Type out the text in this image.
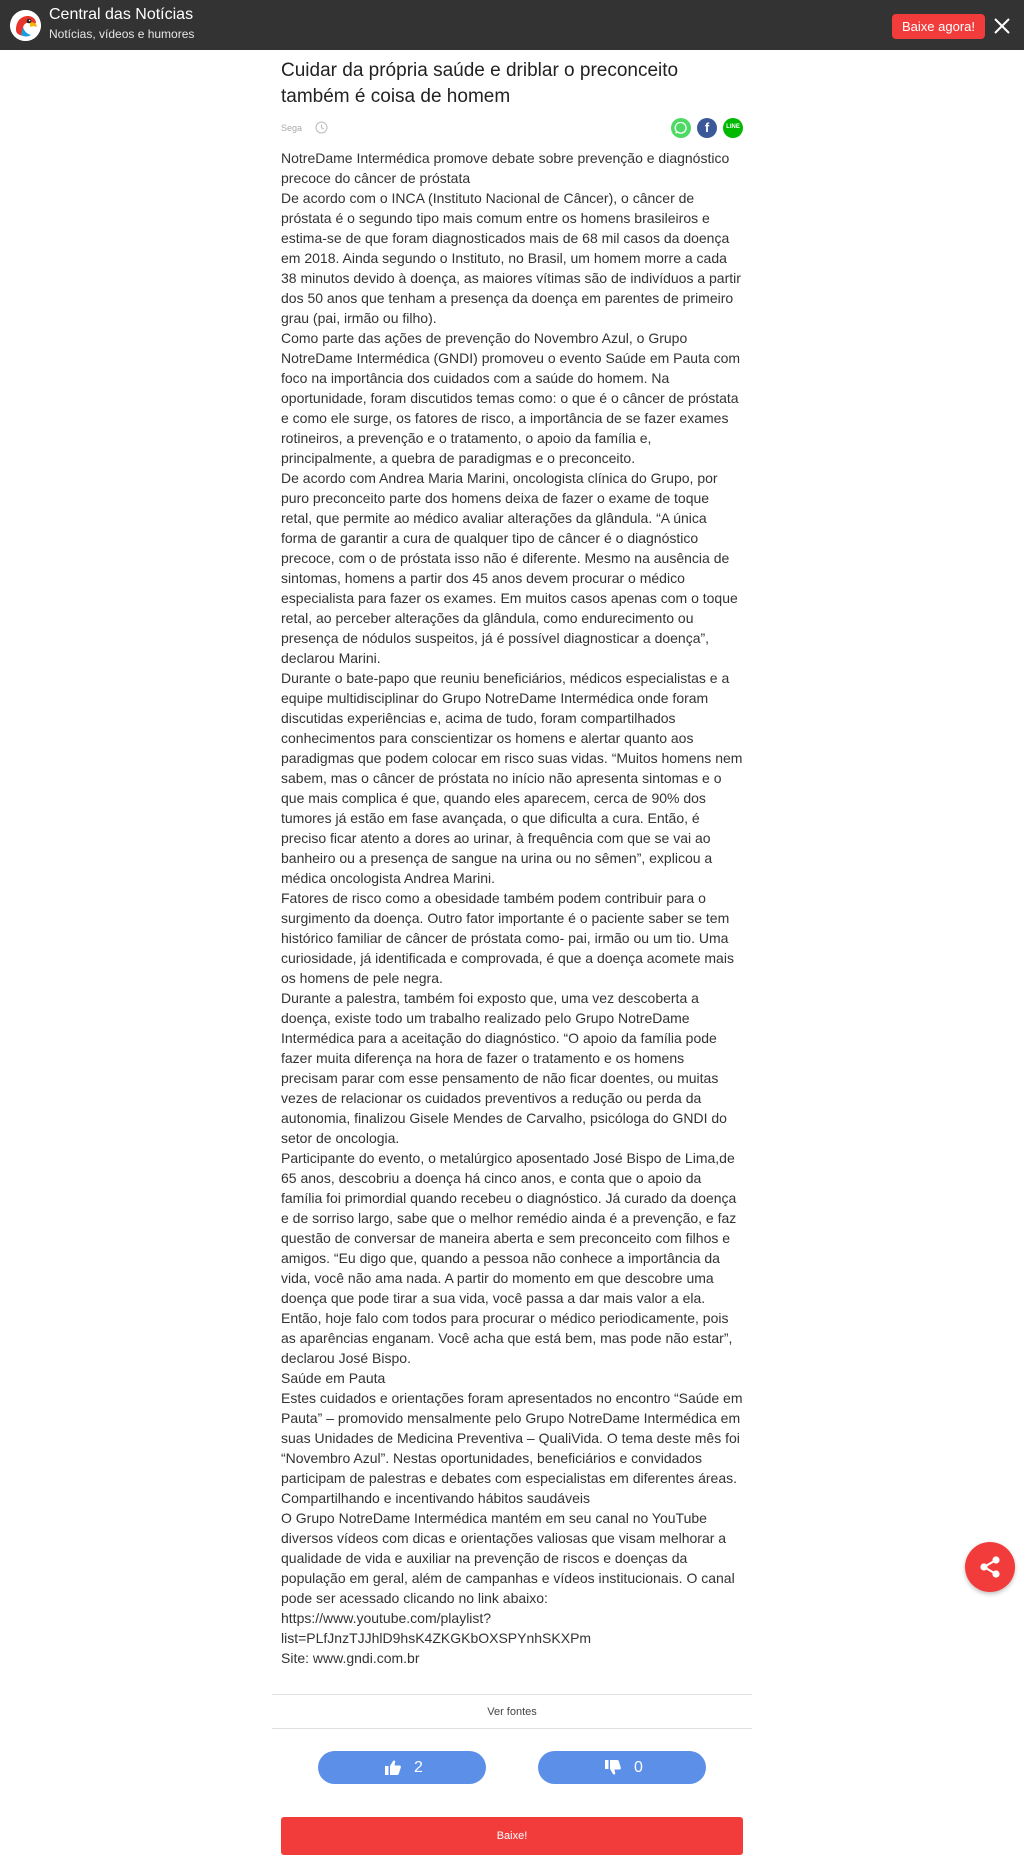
Central das Notícias
Notícias, vídeos e humores	Baixe agora!
Cuidar da própria saúde e driblar o preconceito também é coisa de homem
Sega	f	LINE

NotreDame Intermédica promove debate sobre prevenção e diagnóstico precoce do câncer de próstata

De acordo com o INCA (Instituto Nacional de Câncer), o câncer de próstata é o segundo tipo mais comum entre os homens brasileiros e estima-se de que foram diagnosticados mais de 68 mil casos da doença em 2018. Ainda segundo o Instituto, no Brasil, um homem morre a cada 38 minutos devido à doença, as maiores vítimas são de indivíduos a partir dos 50 anos que tenham a presença da doença em parentes de primeiro grau (pai, irmão ou filho).

Como parte das ações de prevenção do Novembro Azul, o Grupo NotreDame Intermédica (GNDI) promoveu o evento Saúde em Pauta com foco na importância dos cuidados com a saúde do homem. Na oportunidade, foram discutidos temas como: o que é o câncer de próstata e como ele surge, os fatores de risco, a importância de se fazer exames rotineiros, a prevenção e o tratamento, o apoio da família e, principalmente, a quebra de paradigmas e o preconceito.

De acordo com Andrea Maria Marini, oncologista clínica do Grupo, por puro preconceito parte dos homens deixa de fazer o exame de toque retal, que permite ao médico avaliar alterações da glândula. “A única forma de garantir a cura de qualquer tipo de câncer é o diagnóstico precoce, com o de próstata isso não é diferente. Mesmo na ausência de sintomas, homens a partir dos 45 anos devem procurar o médico especialista para fazer os exames. Em muitos casos apenas com o toque retal, ao perceber alterações da glândula, como endurecimento ou presença de nódulos suspeitos, já é possível diagnosticar a doença”, declarou Marini.

Durante o bate-papo que reuniu beneficiários, médicos especialistas e a equipe multidisciplinar do Grupo NotreDame Intermédica onde foram discutidas experiências e, acima de tudo, foram compartilhados conhecimentos para conscientizar os homens e alertar quanto aos paradigmas que podem colocar em risco suas vidas. “Muitos homens nem sabem, mas o câncer de próstata no início não apresenta sintomas e o que mais complica é que, quando eles aparecem, cerca de 90% dos tumores já estão em fase avançada, o que dificulta a cura. Então, é preciso ficar atento a dores ao urinar, à frequência com que se vai ao banheiro ou a presença de sangue na urina ou no sêmen”, explicou a médica oncologista Andrea Marini.

Fatores de risco como a obesidade também podem contribuir para o surgimento da doença. Outro fator importante é o paciente saber se tem histórico familiar de câncer de próstata como- pai, irmão ou um tio. Uma curiosidade, já identificada e comprovada, é que a doença acomete mais os homens de pele negra.

Durante a palestra, também foi exposto que, uma vez descoberta a doença, existe todo um trabalho realizado pelo Grupo NotreDame Intermédica para a aceitação do diagnóstico. “O apoio da família pode fazer muita diferença na hora de fazer o tratamento e os homens precisam parar com esse pensamento de não ficar doentes, ou muitas vezes de relacionar os cuidados preventivos a redução ou perda da autonomia, finalizou Gisele Mendes de Carvalho, psicóloga do GNDI do setor de oncologia.

Participante do evento, o metalúrgico aposentado José Bispo de Lima,de 65 anos, descobriu a doença há cinco anos, e conta que o apoio da família foi primordial quando recebeu o diagnóstico. Já curado da doença e de sorriso largo, sabe que o melhor remédio ainda é a prevenção, e faz questão de conversar de maneira aberta e sem preconceito com filhos e amigos. “Eu digo que, quando a pessoa não conhece a importância da vida, você não ama nada. A partir do momento em que descobre uma doença que pode tirar a sua vida, você passa a dar mais valor a ela. Então, hoje falo com todos para procurar o médico periodicamente, pois as aparências enganam. Você acha que está bem, mas pode não estar”, declarou José Bispo.

Saúde em Pauta

Estes cuidados e orientações foram apresentados no encontro “Saúde em Pauta” – promovido mensalmente pelo Grupo NotreDame Intermédica em suas Unidades de Medicina Preventiva – QualiVida. O tema deste mês foi “Novembro Azul”. Nestas oportunidades, beneficiários e convidados participam de palestras e debates com especialistas em diferentes áreas.

Compartilhando e incentivando hábitos saudáveis

O Grupo NotreDame Intermédica mantém em seu canal no YouTube diversos vídeos com dicas e orientações valiosas que visam melhorar a qualidade de vida e auxiliar na prevenção de riscos e doenças da população em geral, além de campanhas e vídeos institucionais. O canal pode ser acessado clicando no link abaixo:

https://www.youtube.com/playlist?

list=PLfJnzTJJhlD9hsK4ZKGKbOXSPYnhSKXPm

Site: www.gndi.com.br

Ver fontes
2	0
Baixe!
